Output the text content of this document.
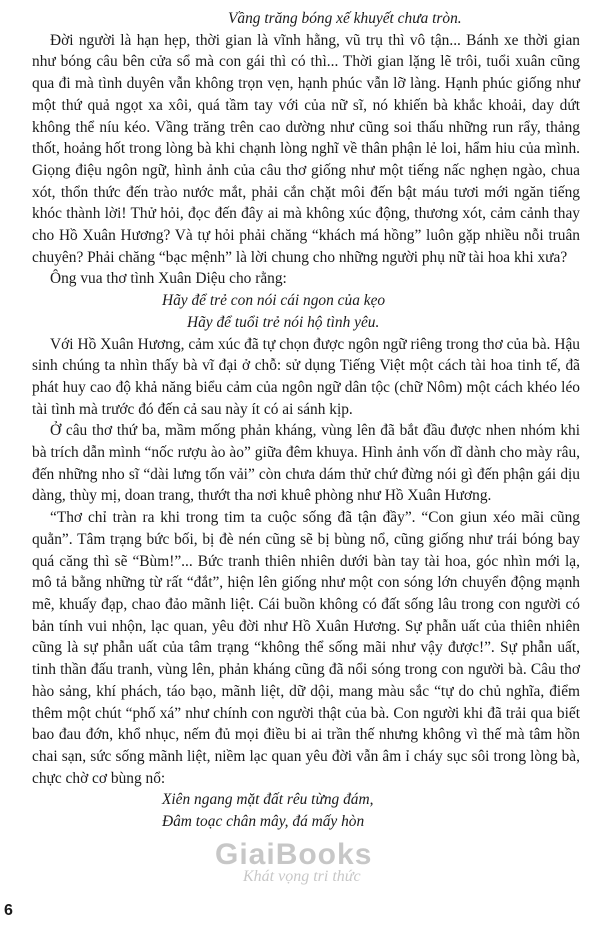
Vầng trăng bóng xế khuyết chưa tròn.

Đời người là hạn hẹp, thời gian là vĩnh hằng, vũ trụ thì vô tận... Bánh xe thời gian như bóng câu bên cửa sổ mà con gái thì có thì... Thời gian lặng lẽ trôi, tuổi xuân cũng qua đi mà tình duyên vẫn không trọn vẹn, hạnh phúc vẫn lỡ làng. Hạnh phúc giống như một thứ quả ngọt xa xôi, quá tầm tay với của nữ sĩ, nó khiến bà khắc khoải, day dứt không thể níu kéo. Vầng trăng trên cao dường như cũng soi thấu những run rẩy, thảng thốt, hoảng hốt trong lòng bà khi chạnh lòng nghĩ về thân phận lẻ loi, hẩm hiu của mình. Giọng điệu ngôn ngữ, hình ảnh của câu thơ giống như một tiếng nấc nghẹn ngào, chua xót, thổn thức đến trào nước mắt, phải cắn chặt môi đến bật máu tươi mới ngăn tiếng khóc thành lời! Thử hỏi, đọc đến đây ai mà không xúc động, thương xót, cảm cảnh thay cho Hồ Xuân Hương? Và tự hỏi phải chăng “khách má hồng” luôn gặp nhiều nỗi truân chuyên? Phải chăng “bạc mệnh” là lời chung cho những người phụ nữ tài hoa khi xưa?

Ông vua thơ tình Xuân Diệu cho rằng:

Hãy để trẻ con nói cái ngon của kẹo

Hãy để tuổi trẻ nói hộ tình yêu.

Với Hồ Xuân Hương, cảm xúc đã tự chọn được ngôn ngữ riêng trong thơ của bà. Hậu sinh chúng ta nhìn thấy bà vĩ đại ở chỗ: sử dụng Tiếng Việt một cách tài hoa tinh tế, đã phát huy cao độ khả năng biểu cảm của ngôn ngữ dân tộc (chữ Nôm) một cách khéo léo tài tình mà trước đó đến cả sau này ít có ai sánh kịp.

Ở câu thơ thứ ba, mầm mống phản kháng, vùng lên đã bắt đầu được nhen nhóm khi bà trích dẫn mình “nốc rượu ào ào” giữa đêm khuya. Hình ảnh vốn dĩ dành cho mày râu, đến những nho sĩ “dài lưng tốn vải” còn chưa dám thử chứ đừng nói gì đến phận gái dịu dàng, thùy mị, doan trang, thướt tha nơi khuê phòng như Hồ Xuân Hương.

“Thơ chỉ tràn ra khi trong tim ta cuộc sống đã tận đầy”. “Con giun xéo mãi cũng quằn”. Tâm trạng bức bối, bị đè nén cũng sẽ bị bùng nổ, cũng giống như trái bóng bay quá căng thì sẽ “Bùm!”... Bức tranh thiên nhiên dưới bàn tay tài hoa, góc nhìn mới lạ, mô tả bằng những từ rất “đắt”, hiện lên giống như một con sóng lớn chuyển động mạnh mẽ, khuấy đạp, chao đảo mãnh liệt. Cái buồn không có đất sống lâu trong con người có bản tính vui nhộn, lạc quan, yêu đời như Hồ Xuân Hương. Sự phẫn uất của thiên nhiên cũng là sự phẫn uất của tâm trạng “không thể sống mãi như vậy được!”. Sự phẫn uất, tinh thần đấu tranh, vùng lên, phản kháng cũng đã nổi sóng trong con người bà. Câu thơ hào sảng, khí phách, táo bạo, mãnh liệt, dữ dội, mang màu sắc “tự do chủ nghĩa, điểm thêm một chút “phố xá” như chính con người thật của bà. Con người khi đã trải qua biết bao đau đớn, khổ nhục, nếm đủ mọi điều bi ai trần thế nhưng không vì thế mà tâm hồn chai sạn, sức sống mãnh liệt, niềm lạc quan yêu đời vẫn âm ỉ cháy sục sôi trong lòng bà, chực chờ cơ bùng nổ:

Xiên ngang mặt đất rêu từng đám,

Đâm toạc chân mây, đá mấy hòn

GiaiBooks
Khát vọng tri thức
6
